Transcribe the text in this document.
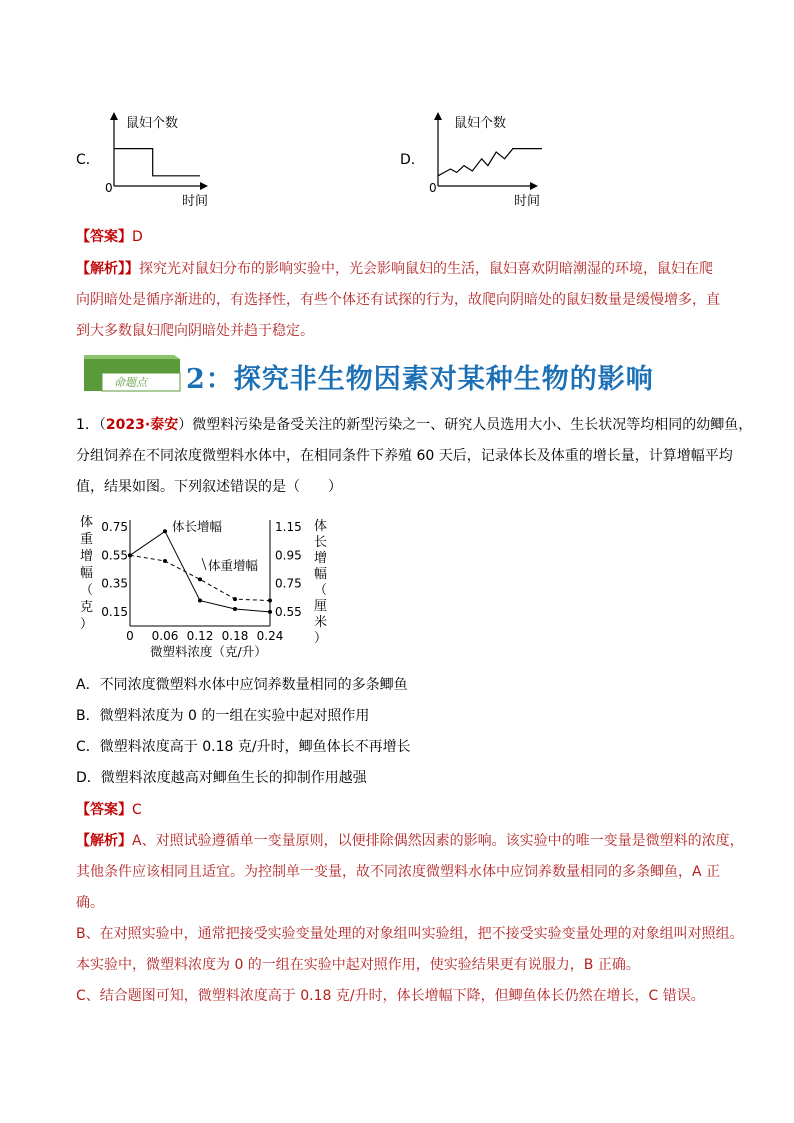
C．
鼠妇个数
0
时间
D．
鼠妇个数
0
时间
【答案】D
【解析】】探究光对鼠妇分布的影响实验中，光会影响鼠妇的生活，鼠妇喜欢阴暗潮湿的环境，鼠妇在爬
向阴暗处是循序渐进的，有选择性，有些个体还有试探的行为，故爬向阴暗处的鼠妇数量是缓慢增多，直
到大多数鼠妇爬向阴暗处并趋于稳定。
命题点 2：探究非生物因素对某种生物的影响
1．（2023·泰安）微塑料污染是备受关注的新型污染之一、研究人员选用大小、生长状况等均相同的幼鲫鱼，
分组饲养在不同浓度微塑料水体中，在相同条件下养殖 60 天后，记录体长及体重的增长量，计算增幅平均
值，结果如图。下列叙述错误的是（　　）
体
重
增
幅
（
克
）
体
长
增
幅
（
厘
米
）
0.75
0.55
0.35
0.15
1.15
0.95
0.75
0.55
0 0.06 0.12 0.18 0.24
体长增幅
体重增幅
微塑料浓度（克/升）
A．不同浓度微塑料水体中应饲养数量相同的多条鲫鱼
B．微塑料浓度为 0 的一组在实验中起对照作用
C．微塑料浓度高于 0.18 克/升时，鲫鱼体长不再增长
D．微塑料浓度越高对鲫鱼生长的抑制作用越强
【答案】C
【解析】A、对照试验遵循单一变量原则，以便排除偶然因素的影响。该实验中的唯一变量是微塑料的浓度，
其他条件应该相同且适宜。为控制单一变量，故不同浓度微塑料水体中应饲养数量相同的多条鲫鱼，A 正
确。
B、在对照实验中，通常把接受实验变量处理的对象组叫实验组，把不接受实验变量处理的对象组叫对照组。
本实验中，微塑料浓度为 0 的一组在实验中起对照作用，使实验结果更有说服力，B 正确。
C、结合题图可知，微塑料浓度高于 0.18 克/升时，体长增幅下降，但鲫鱼体长仍然在增长，C 错误。
